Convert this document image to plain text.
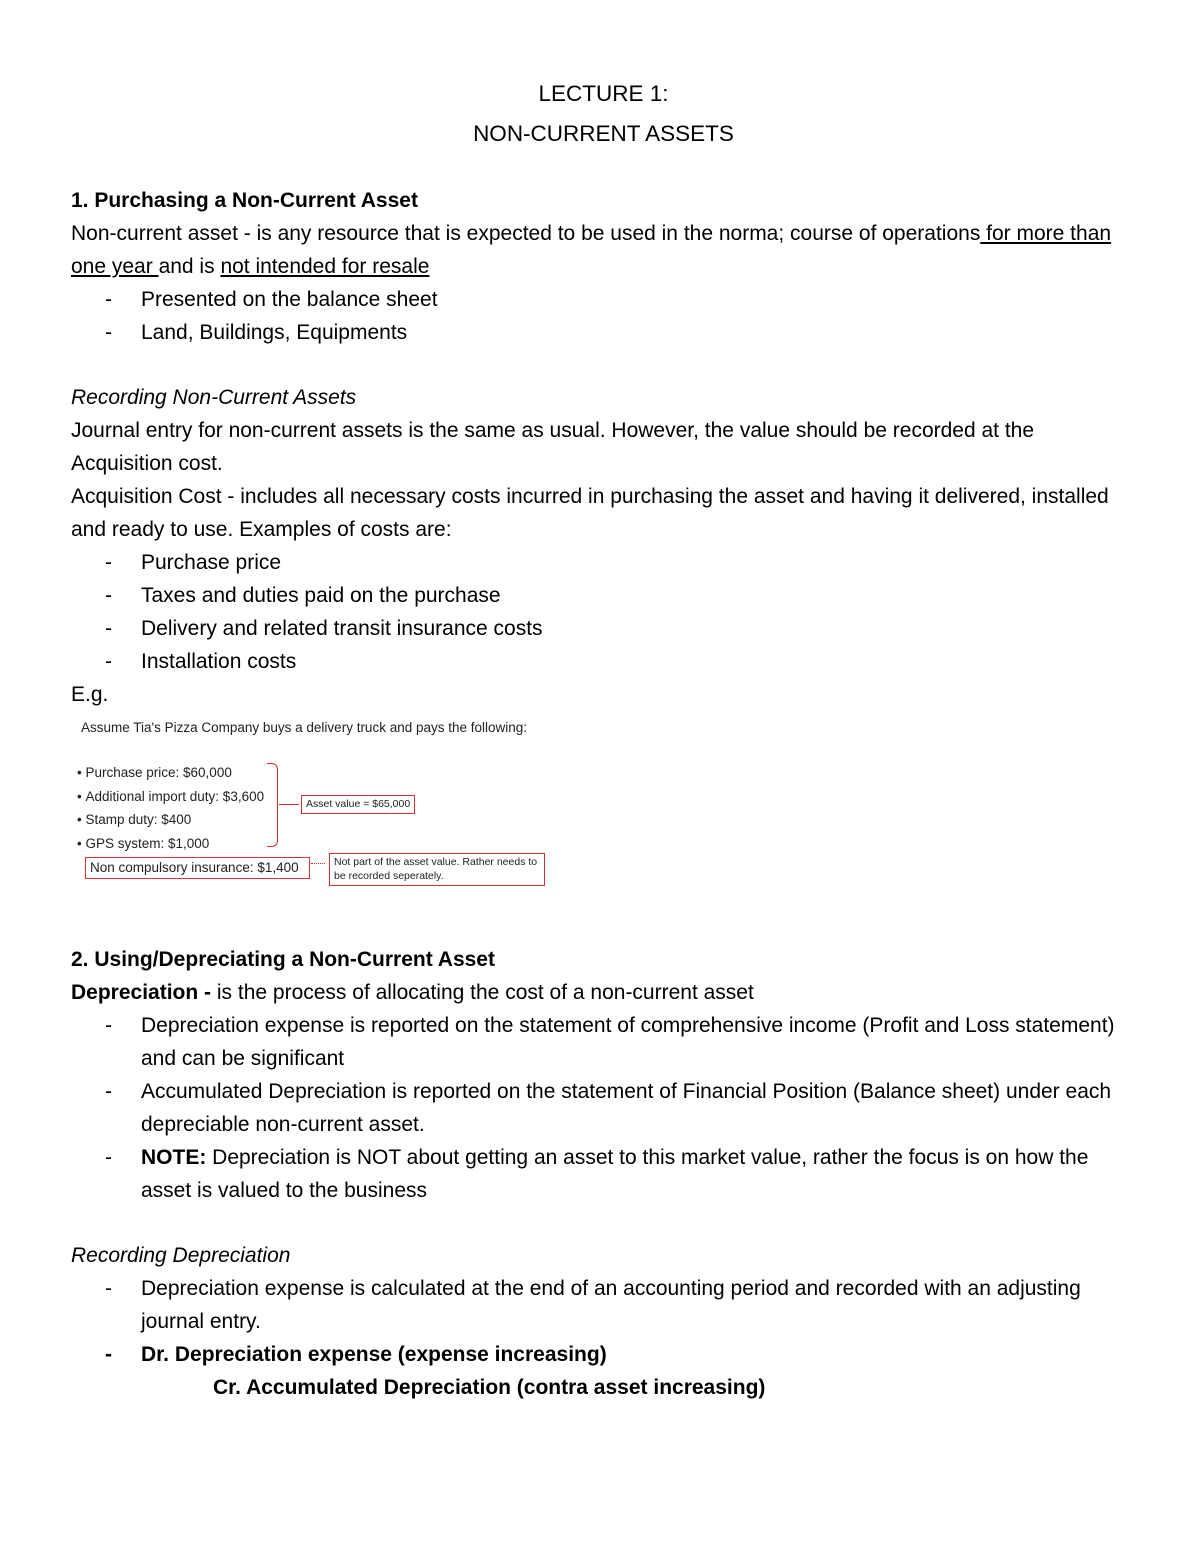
LECTURE 1:

NON-CURRENT ASSETS

1. Purchasing a Non-Current Asset

Non-current asset - is any resource that is expected to be used in the norma; course of operations for more than one year and is not intended for resale

- Presented on the balance sheet
- Land, Buildings, Equipments

Recording Non-Current Assets

Journal entry for non-current assets is the same as usual. However, the value should be recorded at the Acquisition cost.

Acquisition Cost - includes all necessary costs incurred in purchasing the asset and having it delivered, installed and ready to use. Examples of costs are:

- Purchase price
- Taxes and duties paid on the purchase
- Delivery and related transit insurance costs
- Installation costs

E.g.

Assume Tia's Pizza Company buys a delivery truck and pays the following:
• Purchase price: $60,000
• Additional import duty: $3,600
• Stamp duty: $400
• GPS system: $1,000
Non compulsory insurance: $1,400
Asset value = $65,000
Not part of the asset value. Rather needs to be recorded seperately.

2. Using/Depreciating a Non-Current Asset

Depreciation - is the process of allocating the cost of a non-current asset

- Depreciation expense is reported on the statement of comprehensive income (Profit and Loss statement) and can be significant
- Accumulated Depreciation is reported on the statement of Financial Position (Balance sheet) under each depreciable non-current asset.
- NOTE: Depreciation is NOT about getting an asset to this market value, rather the focus is on how the asset is valued to the business

Recording Depreciation

- Depreciation expense is calculated at the end of an accounting period and recorded with an adjusting journal entry.
- Dr. Depreciation expense (expense increasing)

Cr. Accumulated Depreciation (contra asset increasing)
